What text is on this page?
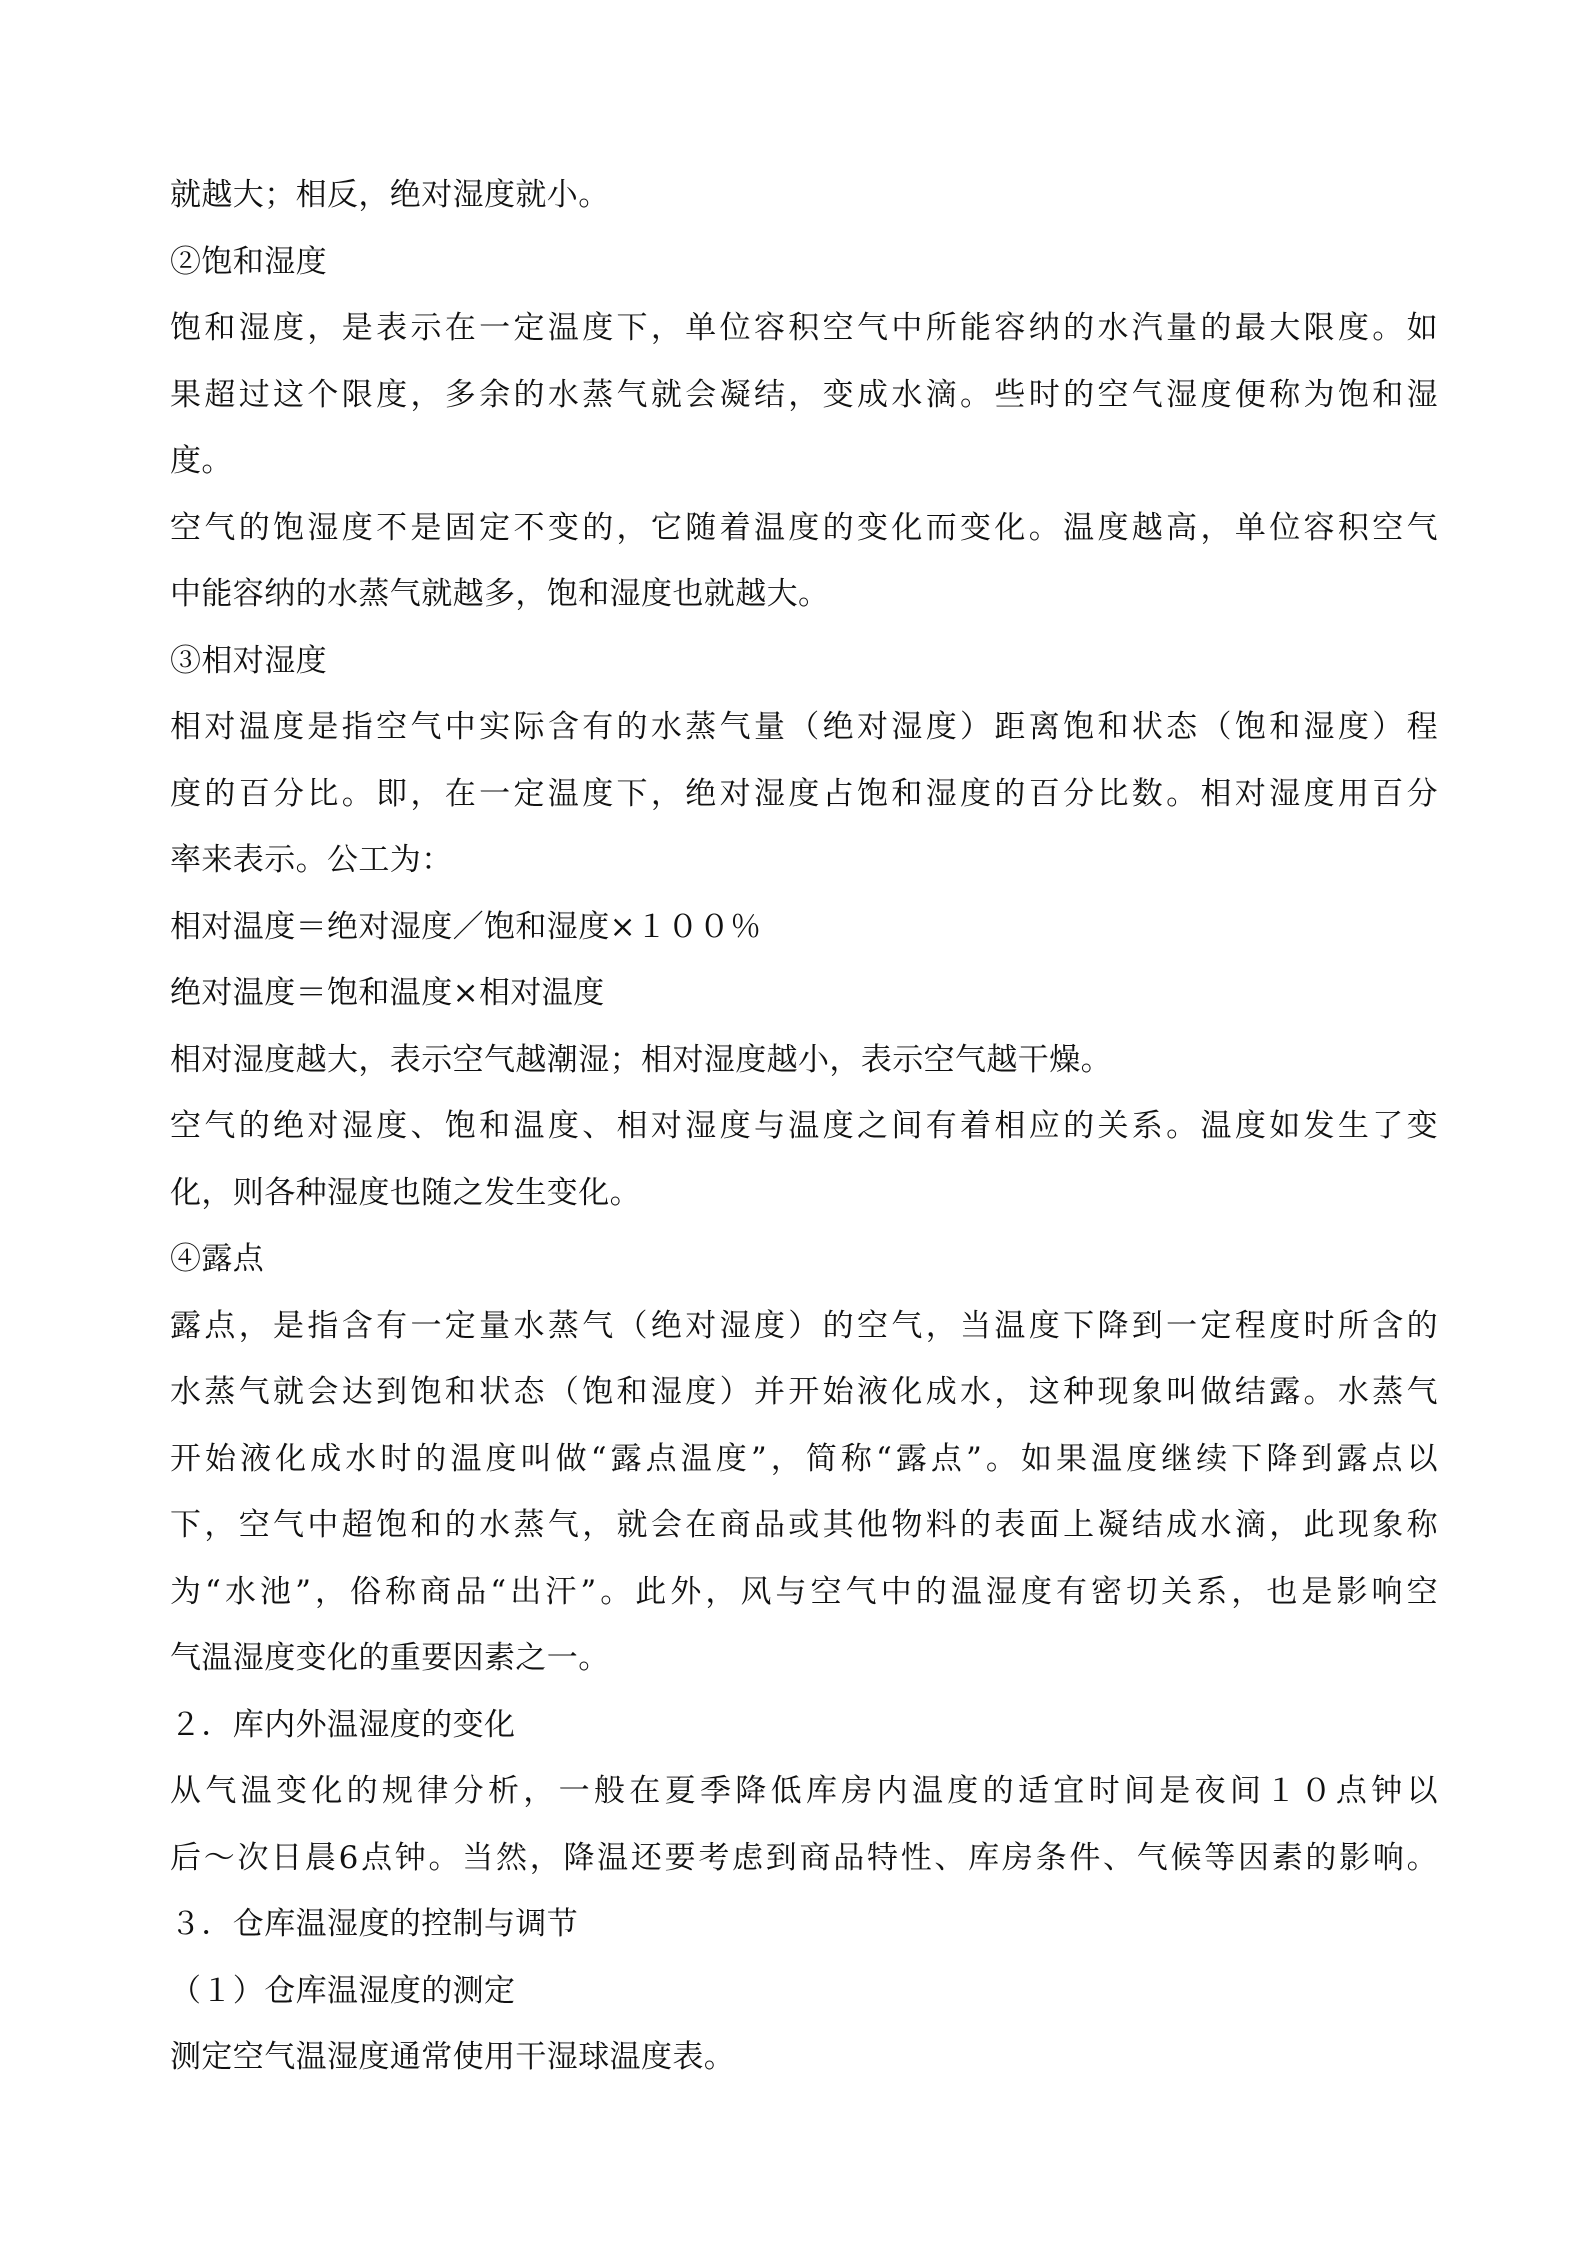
就越大；相反，绝对湿度就小。
②饱和湿度
饱和湿度，是表示在一定温度下，单位容积空气中所能容纳的水汽量的最大限度。如
果超过这个限度，多余的水蒸气就会凝结，变成水滴。些时的空气湿度便称为饱和湿
度。
空气的饱湿度不是固定不变的，它随着温度的变化而变化。温度越高，单位容积空气
中能容纳的水蒸气就越多，饱和湿度也就越大。
③相对湿度
相对温度是指空气中实际含有的水蒸气量（绝对湿度）距离饱和状态（饱和湿度）程
度的百分比。即，在一定温度下，绝对湿度占饱和湿度的百分比数。相对湿度用百分
率来表示。公工为：
相对温度＝绝对湿度／饱和湿度×１００％
绝对温度＝饱和温度×相对温度
相对湿度越大，表示空气越潮湿；相对湿度越小，表示空气越干燥。
空气的绝对湿度、饱和温度、相对湿度与温度之间有着相应的关系。温度如发生了变
化，则各种湿度也随之发生变化。
④露点
露点，是指含有一定量水蒸气（绝对湿度）的空气，当温度下降到一定程度时所含的
水蒸气就会达到饱和状态（饱和湿度）并开始液化成水，这种现象叫做结露。水蒸气
开始液化成水时的温度叫做“露点温度”，简称“露点”。如果温度继续下降到露点以
下，空气中超饱和的水蒸气，就会在商品或其他物料的表面上凝结成水滴，此现象称
为“水池”，俗称商品“出汗”。此外，风与空气中的温湿度有密切关系，也是影响空
气温湿度变化的重要因素之一。
２．库内外温湿度的变化
从气温变化的规律分析，一般在夏季降低库房内温度的适宜时间是夜间１０点钟以
后～次日晨6点钟。当然，降温还要考虑到商品特性、库房条件、气候等因素的影响。
３．仓库温湿度的控制与调节
（１）仓库温湿度的测定
测定空气温湿度通常使用干湿球温度表。
